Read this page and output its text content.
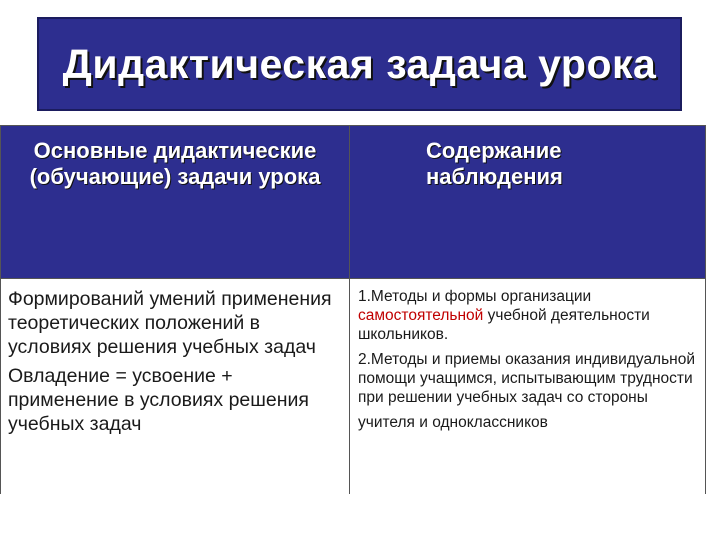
Дидактическая задача урока
Основные дидактические (обучающие) задачи урока
Содержание наблюдения

Формирований умений применения теоретических положений в условиях решения учебных задач

Овладение = усвоение + применение в условиях решения учебных задач

1.Методы и формы организации самостоятельной учебной деятельности школьников.

2.Методы и приемы оказания индивидуальной помощи учащимся, испытывающим трудности при решении учебных задач со стороны

учителя и одноклассников
